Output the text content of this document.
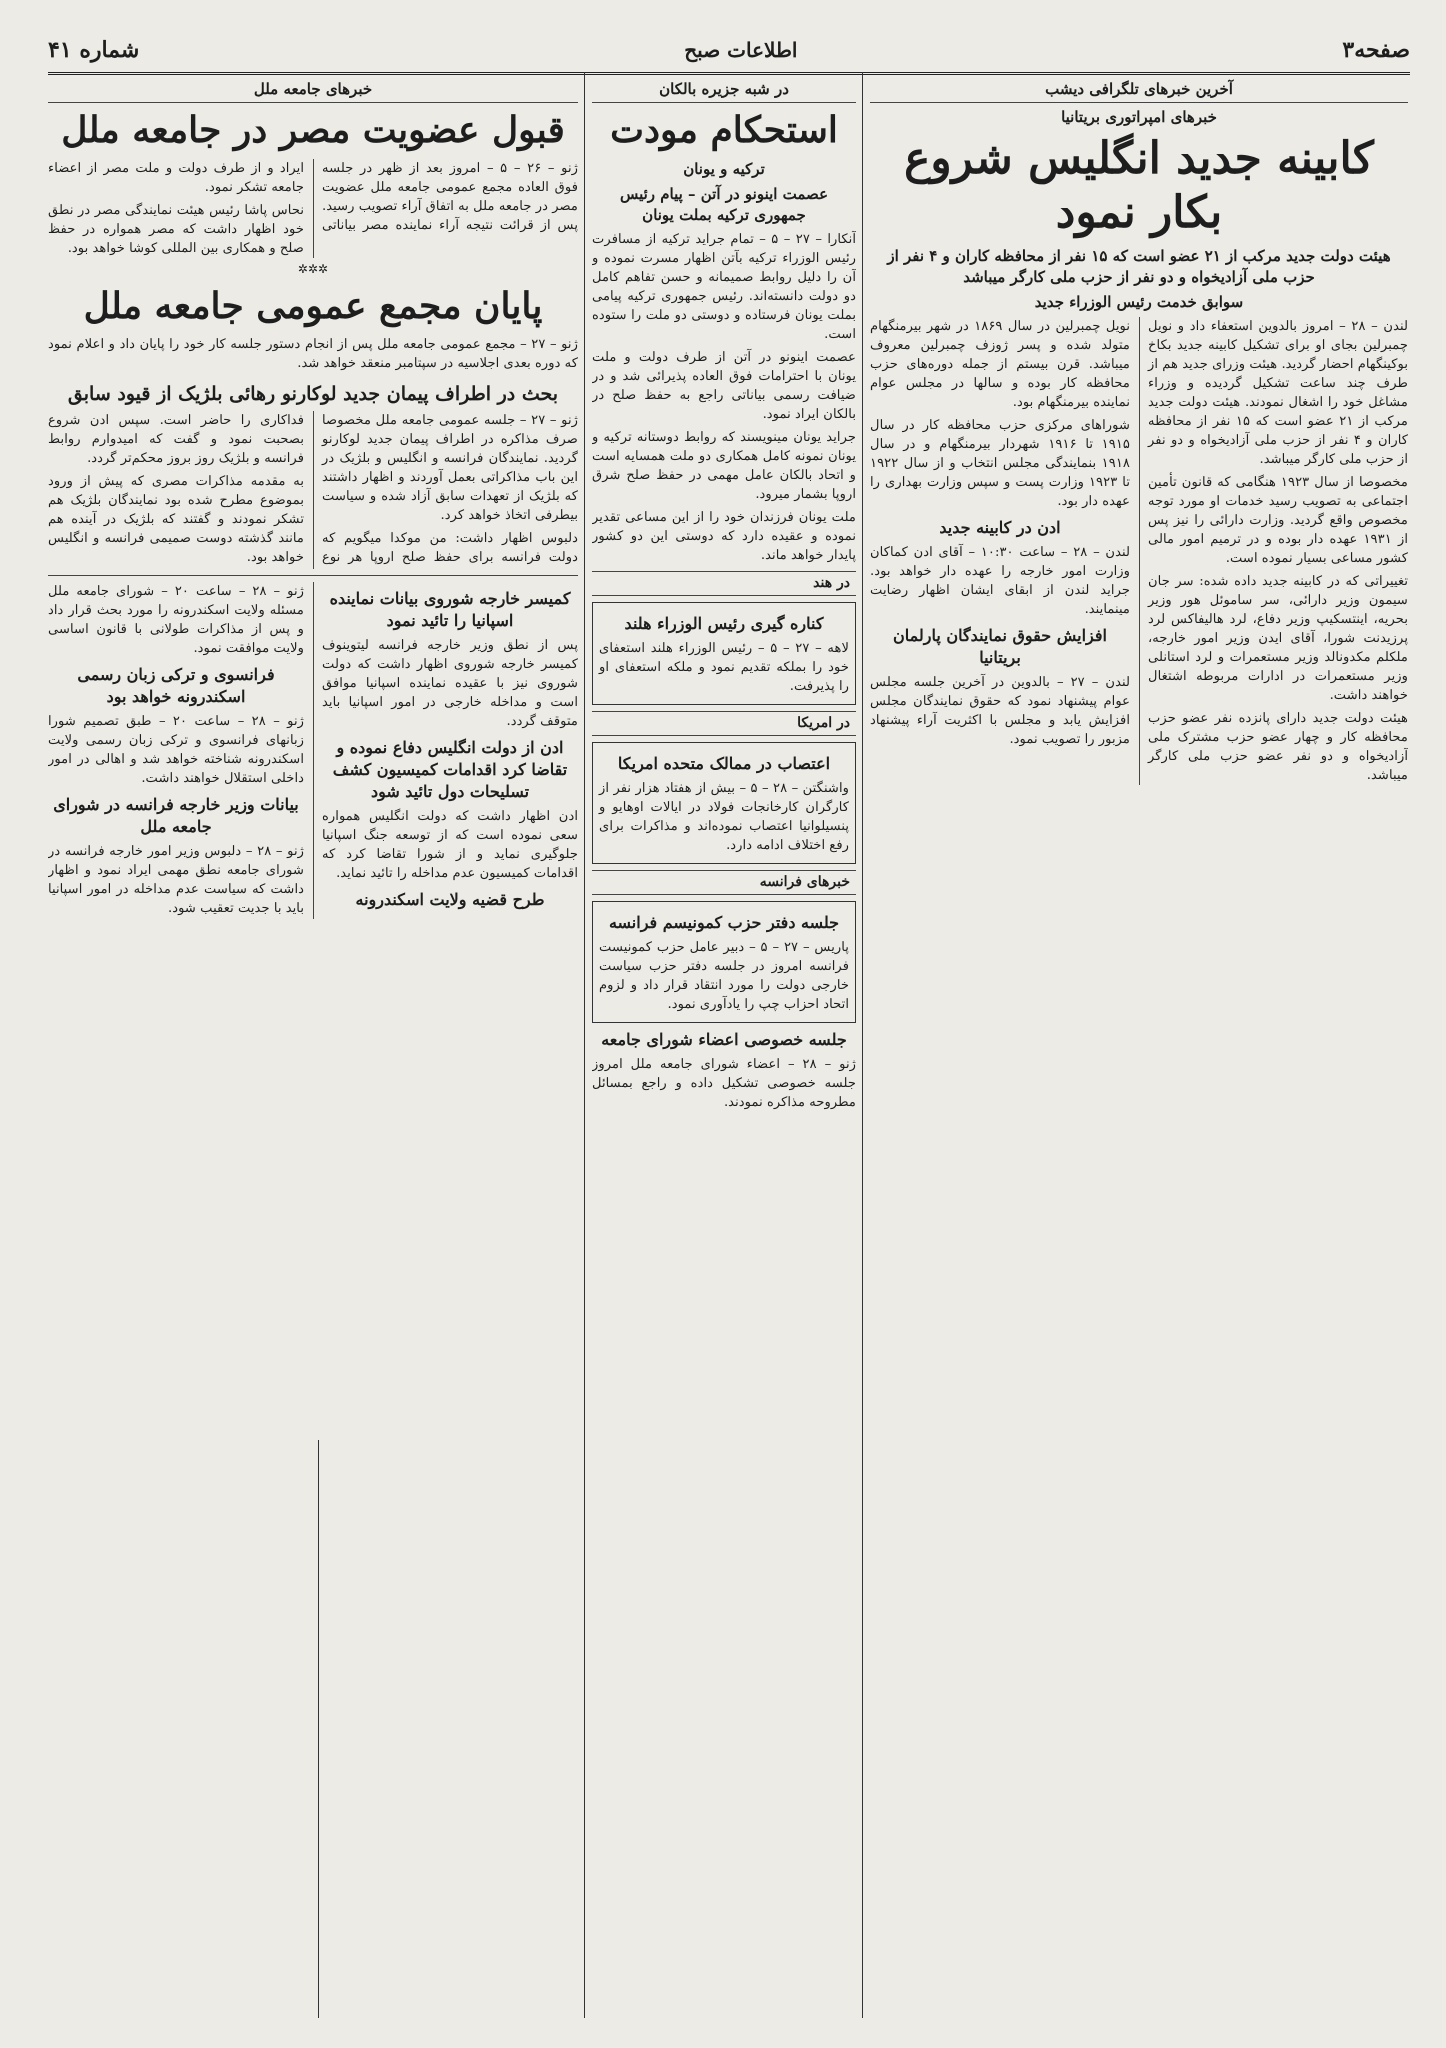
صفحه۳
اطلاعات صبح
شماره ۴۱
آخرین خبرهای تلگرافی دیشب
خبرهای امپراتوری بریتانیا
کابینه جدید انگلیس شروع بکار نمود
هیئت دولت جدید مرکب از ۲۱ عضو است که ۱۵ نفر از محافظه کاران و ۴ نفر از حزب ملی آزادیخواه و دو نفر از حزب ملی کارگر میباشد
سوابق خدمت رئیس الوزراء جدید

لندن – ۲۸ – امروز بالدوین استعفاء داد و نویل چمبرلین بجای او برای تشکیل کابینه جدید بکاخ بوکینگهام احضار گردید. هیئت وزرای جدید هم از طرف چند ساعت تشکیل گردیده و وزراء مشاغل خود را اشغال نمودند. هیئت دولت جدید مرکب از ۲۱ عضو است که ۱۵ نفر از محافظه کاران و ۴ نفر از حزب ملی آزادیخواه و دو نفر از حزب ملی کارگر میباشد.

مخصوصا از سال ۱۹۲۳ هنگامی که قانون تأمین اجتماعی به تصویب رسید خدمات او مورد توجه مخصوص واقع گردید. وزارت دارائی را نیز پس از ۱۹۳۱ عهده دار بوده و در ترمیم امور مالی کشور مساعی بسیار نموده است.

تغییراتی که در کابینه جدید داده شده: سر جان سیمون وزیر دارائی، سر ساموئل هور وزیر بحریه، اینتسکیپ وزیر دفاع، لرد هالیفاکس لرد پرزیدنت شورا، آقای ایدن وزیر امور خارجه، ملکلم مکدونالد وزیر مستعمرات و لرد استانلی وزیر مستعمرات در ادارات مربوطه اشتغال خواهند داشت.

هیئت دولت جدید دارای پانزده نفر عضو حزب محافظه کار و چهار عضو حزب مشترک ملی آزادیخواه و دو نفر عضو حزب ملی کارگر میباشد.

نویل چمبرلین در سال ۱۸۶۹ در شهر بیرمنگهام متولد شده و پسر ژوزف چمبرلین معروف میباشد. قرن بیستم از جمله دوره‌های حزب محافظه کار بوده و سالها در مجلس عوام نماینده بیرمنگهام بود.

شوراهای مرکزی حزب محافظه کار در سال ۱۹۱۵ تا ۱۹۱۶ شهردار بیرمنگهام و در سال ۱۹۱۸ بنمایندگی مجلس انتخاب و از سال ۱۹۲۲ تا ۱۹۲۳ وزارت پست و سپس وزارت بهداری را عهده دار بود.

ادن در کابینه جدید

لندن – ۲۸ – ساعت ۱۰:۳۰ – آقای ادن کماکان وزارت امور خارجه را عهده دار خواهد بود. جراید لندن از ابقای ایشان اظهار رضایت مینمایند.

افزایش حقوق نمایندگان پارلمان بریتانیا

لندن – ۲۷ – بالدوین در آخرین جلسه مجلس عوام پیشنهاد نمود که حقوق نمایندگان مجلس افزایش یابد و مجلس با اکثریت آراء پیشنهاد مزبور را تصویب نمود.

در شبه جزیره بالکان
استحکام مودت
ترکیه و یونان
عصمت اینونو در آتن – پیام رئیس جمهوری ترکیه بملت یونان

آنکارا – ۲۷ – ۵ – تمام جراید ترکیه از مسافرت رئیس الوزراء ترکیه بآتن اظهار مسرت نموده و آن را دلیل روابط صمیمانه و حسن تفاهم کامل دو دولت دانسته‌اند. رئیس جمهوری ترکیه پیامی بملت یونان فرستاده و دوستی دو ملت را ستوده است.

عصمت اینونو در آتن از طرف دولت و ملت یونان با احترامات فوق العاده پذیرائی شد و در ضیافت رسمی بیاناتی راجع به حفظ صلح در بالکان ایراد نمود.

جراید یونان مینویسند که روابط دوستانه ترکیه و یونان نمونه کامل همکاری دو ملت همسایه است و اتحاد بالکان عامل مهمی در حفظ صلح شرق اروپا بشمار میرود.

ملت یونان فرزندان خود را از این مساعی تقدیر نموده و عقیده دارد که دوستی این دو کشور پایدار خواهد ماند.

در هند
کناره گیری رئیس الوزراء هلند

لاهه – ۲۷ – ۵ – رئیس الوزراء هلند استعفای خود را بملکه تقدیم نمود و ملکه استعفای او را پذیرفت.

در امریکا
اعتصاب در ممالک متحده امریکا

واشنگتن – ۲۸ – ۵ – بیش از هفتاد هزار نفر از کارگران کارخانجات فولاد در ایالات اوهایو و پنسیلوانیا اعتصاب نموده‌اند و مذاکرات برای رفع اختلاف ادامه دارد.

خبرهای فرانسه
جلسه دفتر حزب کمونیسم فرانسه

پاریس – ۲۷ – ۵ – دبیر عامل حزب کمونیست فرانسه امروز در جلسه دفتر حزب سیاست خارجی دولت را مورد انتقاد قرار داد و لزوم اتحاد احزاب چپ را یادآوری نمود.

جلسه خصوصی اعضاء شورای جامعه

ژنو – ۲۸ – اعضاء شورای جامعه ملل امروز جلسه خصوصی تشکیل داده و راجع بمسائل مطروحه مذاکره نمودند.

خبرهای جامعه ملل
قبول عضویت مصر در جامعه ملل

ژنو – ۲۶ – ۵ – امروز بعد از ظهر در جلسه فوق العاده مجمع عمومی جامعه ملل عضویت مصر در جامعه ملل به اتفاق آراء تصویب رسید. پس از قرائت نتیجه آراء نماینده مصر بیاناتی ایراد و از طرف دولت و ملت مصر از اعضاء جامعه تشکر نمود.

نحاس پاشا رئیس هیئت نمایندگی مصر در نطق خود اظهار داشت که مصر همواره در حفظ صلح و همکاری بین المللی کوشا خواهد بود.

✲✲✲
پایان مجمع عمومی جامعه ملل

ژنو – ۲۷ – مجمع عمومی جامعه ملل پس از انجام دستور جلسه کار خود را پایان داد و اعلام نمود که دوره بعدی اجلاسیه در سپتامبر منعقد خواهد شد.

بحث در اطراف پیمان جدید لوکارنو رهائی بلژیک از قیود سابق

ژنو – ۲۷ – جلسه عمومی جامعه ملل مخصوصا صرف مذاکره در اطراف پیمان جدید لوکارنو گردید. نمایندگان فرانسه و انگلیس و بلژیک در این باب مذاکراتی بعمل آوردند و اظهار داشتند که بلژیک از تعهدات سابق آزاد شده و سیاست بیطرفی اتخاذ خواهد کرد.

دلبوس اظهار داشت: من موکدا میگویم که دولت فرانسه برای حفظ صلح اروپا هر نوع فداکاری را حاضر است. سپس ادن شروع بصحبت نمود و گفت که امیدوارم روابط فرانسه و بلژیک روز بروز محکم‌تر گردد.

به مقدمه مذاکرات مصری که پیش از ورود بموضوع مطرح شده بود نمایندگان بلژیک هم تشکر نمودند و گفتند که بلژیک در آینده هم مانند گذشته دوست صمیمی فرانسه و انگلیس خواهد بود.

کمیسر خارجه شوروی بیانات نماینده اسپانیا را تائید نمود

پس از نطق وزیر خارجه فرانسه لیتوینوف کمیسر خارجه شوروی اظهار داشت که دولت شوروی نیز با عقیده نماینده اسپانیا موافق است و مداخله خارجی در امور اسپانیا باید متوقف گردد.

ادن از دولت انگلیس دفاع نموده و تقاضا کرد اقدامات کمیسیون کشف تسلیحات دول تائید شود

ادن اظهار داشت که دولت انگلیس همواره سعی نموده است که از توسعه جنگ اسپانیا جلوگیری نماید و از شورا تقاضا کرد که اقدامات کمیسیون عدم مداخله را تائید نماید.

طرح قضیه ولایت اسکندرونه

ژنو – ۲۸ – ساعت ۲۰ – شورای جامعه ملل مسئله ولایت اسکندرونه را مورد بحث قرار داد و پس از مذاکرات طولانی با قانون اساسی ولایت موافقت نمود.

فرانسوی و ترکی زبان رسمی اسکندرونه خواهد بود

ژنو – ۲۸ – ساعت ۲۰ – طبق تصمیم شورا زبانهای فرانسوی و ترکی زبان رسمی ولایت اسکندرونه شناخته خواهد شد و اهالی در امور داخلی استقلال خواهند داشت.

بیانات وزیر خارجه فرانسه در شورای جامعه ملل

ژنو – ۲۸ – دلبوس وزیر امور خارجه فرانسه در شورای جامعه نطق مهمی ایراد نمود و اظهار داشت که سیاست عدم مداخله در امور اسپانیا باید با جدیت تعقیب شود.
